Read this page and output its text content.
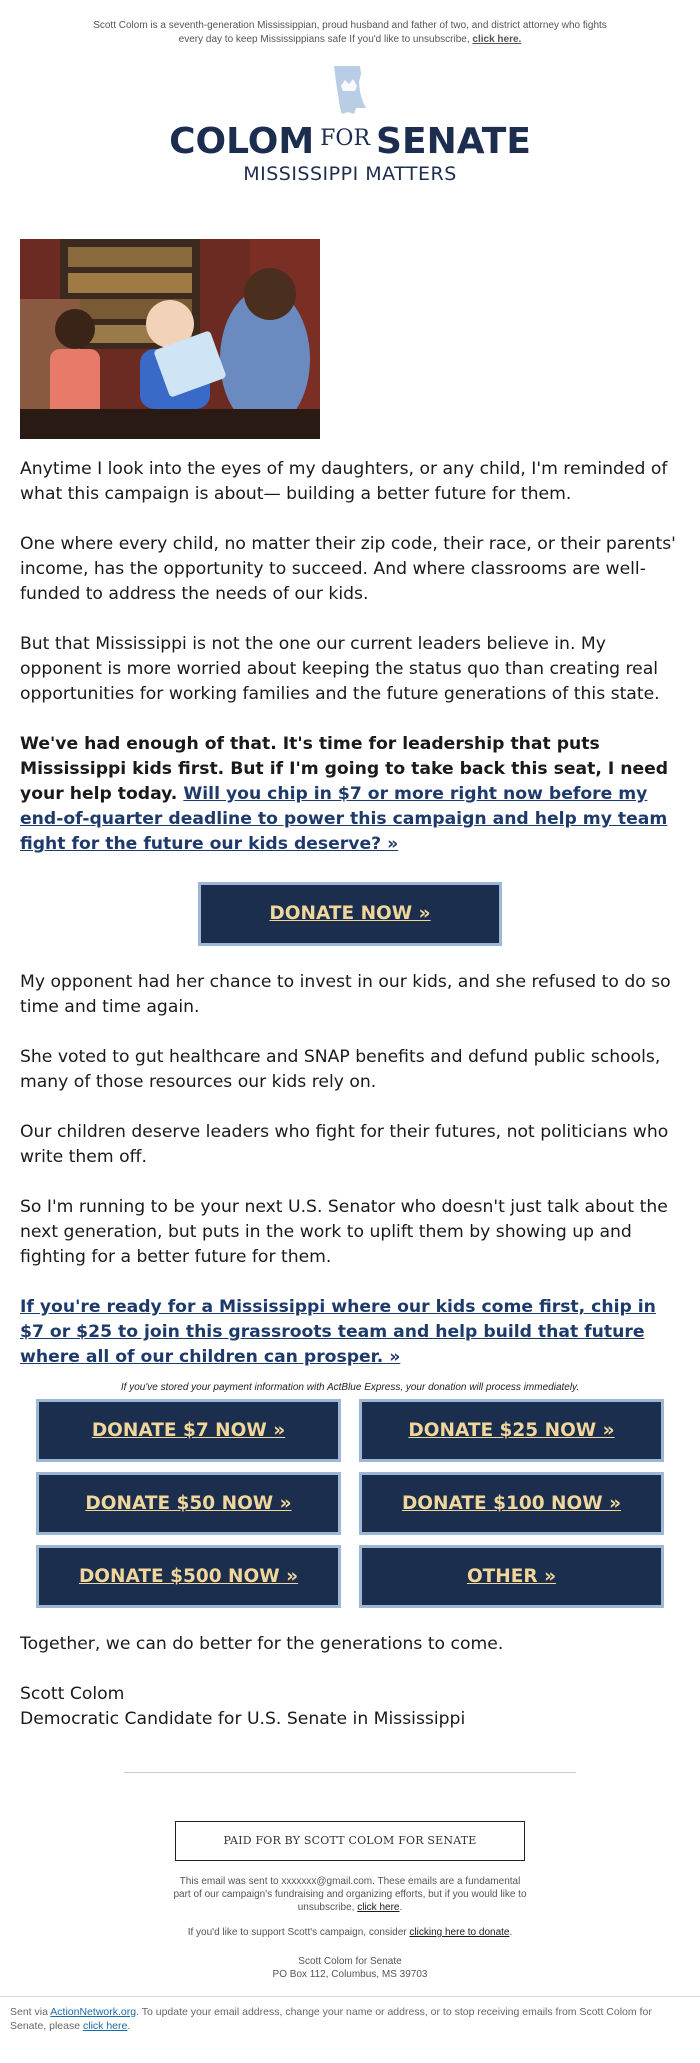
Scott Colom is a seventh-generation Mississippian, proud husband and father of two, and district attorney who fights every day to keep Mississippians safe If you'd like to unsubscribe, click here.
COLOM FOR SENATE
MISSISSIPPI MATTERS

Anytime I look into the eyes of my daughters, or any child, I'm reminded of what this campaign is about— building a better future for them.

One where every child, no matter their zip code, their race, or their parents' income, has the opportunity to succeed. And where classrooms are well-funded to address the needs of our kids.

But that Mississippi is not the one our current leaders believe in. My opponent is more worried about keeping the status quo than creating real opportunities for working families and the future generations of this state.

We've had enough of that. It's time for leadership that puts Mississippi kids first. But if I'm going to take back this seat, I need your help today. Will you chip in $7 or more right now before my end-of-quarter deadline to power this campaign and help my team fight for the future our kids deserve? »

DONATE NOW »

My opponent had her chance to invest in our kids, and she refused to do so time and time again.

She voted to gut healthcare and SNAP benefits and defund public schools, many of those resources our kids rely on.

Our children deserve leaders who fight for their futures, not politicians who write them off.

So I'm running to be your next U.S. Senator who doesn't just talk about the next generation, but puts in the work to uplift them by showing up and fighting for a better future for them.

If you're ready for a Mississippi where our kids come first, chip in $7 or $25 to join this grassroots team and help build that future where all of our children can prosper. »

If you've stored your payment information with ActBlue Express, your donation will process immediately.
DONATE $7 NOW »	DONATE $25 NOW »
DONATE $50 NOW »	DONATE $100 NOW »
DONATE $500 NOW »	OTHER »

Together, we can do better for the generations to come.

Scott Colom
Democratic Candidate for U.S. Senate in Mississippi

PAID FOR BY SCOTT COLOM FOR SENATE
This email was sent to xxxxxxx@gmail.com. These emails are a fundamental part of our campaign's fundraising and organizing efforts, but if you would like to unsubscribe, click here.
If you'd like to support Scott's campaign, consider clicking here to donate.
Scott Colom for Senate
PO Box 112, Columbus, MS 39703
Sent via ActionNetwork.org. To update your email address, change your name or address, or to stop receiving emails from Scott Colom for Senate, please click here.
